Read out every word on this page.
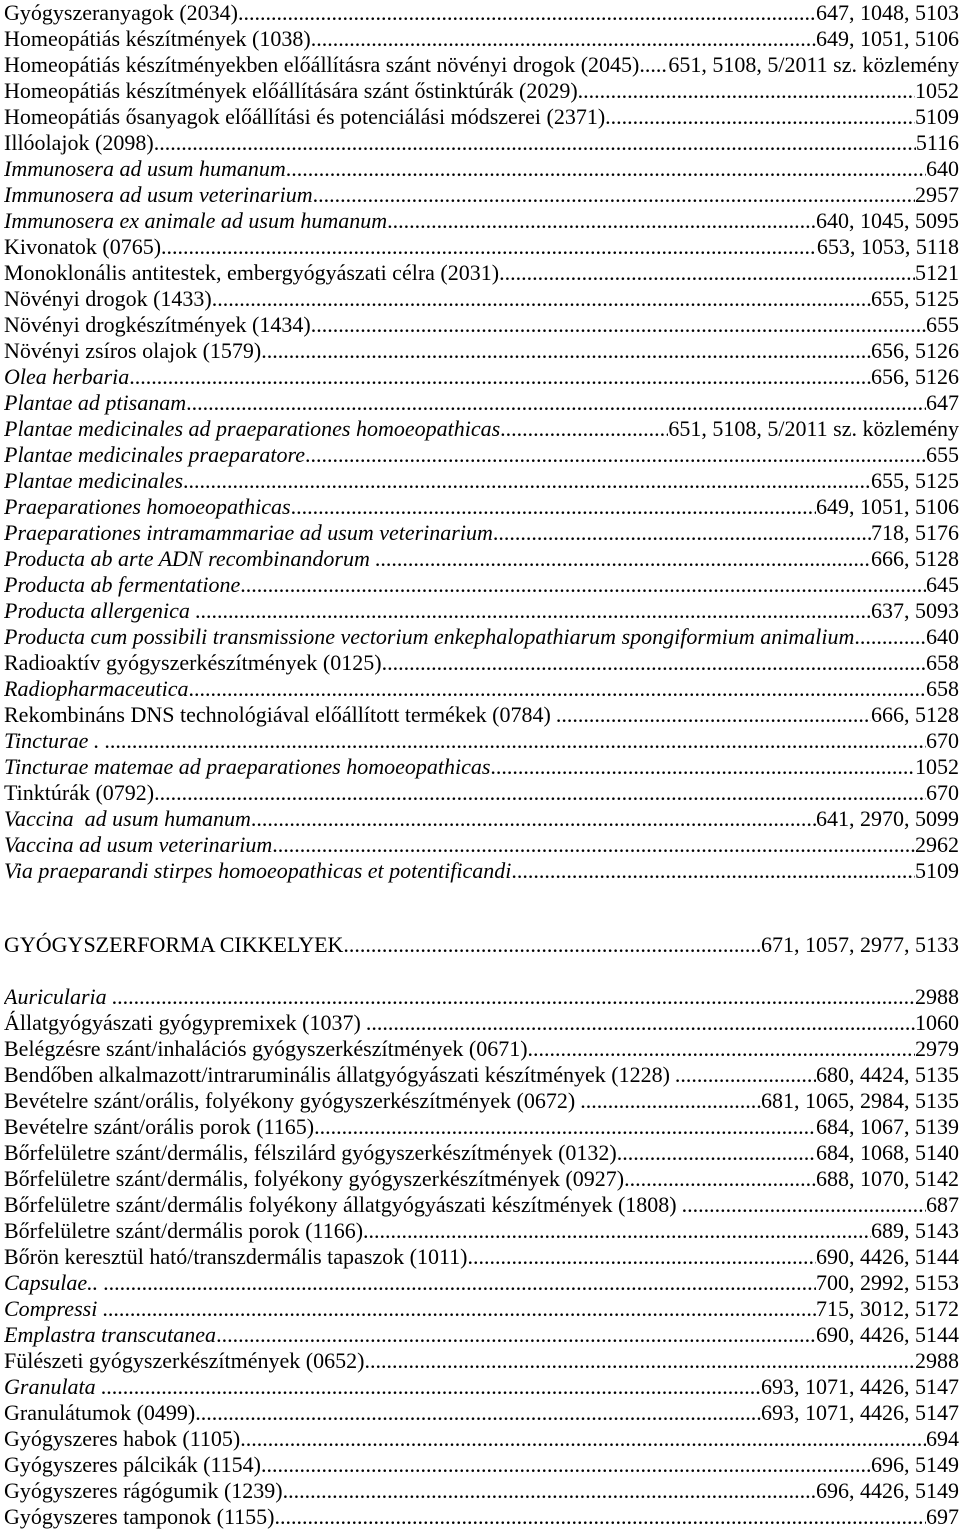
Gyógyszeranyagok (2034) .....	647, 1048, 5103
Homeopátiás készítmények (1038) .....	649, 1051, 5106
Homeopátiás készítményekben előállításra szánt növényi drogok (2045) ..... 651, 5108, 5/2011 sz. közlemény
Homeopátiás készítmények előállítására szánt őstinktúrák (2029) .....	1052
Homeopátiás ősanyagok előállítási és potenciálási módszerei (2371) .....	5109
Illóolajok (2098) .....	5116
Immunosera ad usum humanum .....	640
Immunosera ad usum veterinarium .....	2957
Immunosera ex animale ad usum humanum .....	640, 1045, 5095
Kivonatok (0765) .....	653, 1053, 5118
Monoklonális antitestek, embergyógyászati célra (2031) .....	5121
Növényi drogok (1433) .....	655, 5125
Növényi drogkészítmények (1434) .....	655
Növényi zsíros olajok (1579) .....	656, 5126
Olea herbaria .....	656, 5126
Plantae ad ptisanam .....	647
Plantae medicinales ad praeparationes homoeopathicas .....	651, 5108, 5/2011 sz. közlemény
Plantae medicinales praeparatore .....	655
Plantae medicinales .....	655, 5125
Praeparationes homoeopathicas .....	649, 1051, 5106
Praeparationes intramammariae ad usum veterinarium .....	718, 5176
Producta ab arte ADN recombinandorum .....	666, 5128
Producta ab fermentatione .....	645
Producta allergenica .....	637, 5093
Producta cum possibili transmissione vectorium enkephalopathiarum spongiformium animalium .....	640
Radioaktív gyógyszerkészítmények (0125) .....	658
Radiopharmaceutica .....	658
Rekombináns DNS technológiával előállított termékek (0784) .....	666, 5128
Tincturae . .....	670
Tincturae matemae ad praeparationes homoeopathicas .....	1052
Tinktúrák (0792) .....	670
Vaccina  ad usum humanum .....	641, 2970, 5099
Vaccina ad usum veterinarium .....	2962
Via praeparandi stirpes homoeopathicas et potentificandi .....	5109
GYÓGYSZERFORMA CIKKELYEK .....	671, 1057, 2977, 5133
Auricularia .....	2988
Állatgyógyászati gyógypremixek (1037) .....	1060
Belégzésre szánt/inhalációs gyógyszerkészítmények (0671) .....	2979
Bendőben alkalmazott/intraruminális állatgyógyászati készítmények (1228) .....	680, 4424, 5135
Bevételre szánt/orális, folyékony gyógyszerkészítmények (0672) .....	681, 1065, 2984, 5135
Bevételre szánt/orális porok (1165) .....	684, 1067, 5139
Bőrfelületre szánt/dermális, félszilárd gyógyszerkészítmények (0132) .....	684, 1068, 5140
Bőrfelületre szánt/dermális, folyékony gyógyszerkészítmények (0927) .....	688, 1070, 5142
Bőrfelületre szánt/dermális folyékony állatgyógyászati készítmények (1808) .....	687
Bőrfelületre szánt/dermális porok (1166) .....	689, 5143
Bőrön keresztül ható/transzdermális tapaszok (1011) .....	690, 4426, 5144
Capsulae.. .....	700, 2992, 5153
Compressi .....	715, 3012, 5172
Emplastra transcutanea .....	690, 4426, 5144
Fülészeti gyógyszerkészítmények (0652) .....	2988
Granulata .....	693, 1071, 4426, 5147
Granulátumok (0499) .....	693, 1071, 4426, 5147
Gyógyszeres habok (1105) .....	694
Gyógyszeres pálcikák (1154) .....	696, 5149
Gyógyszeres rágógumik (1239) .....	696, 4426, 5149
Gyógyszeres tamponok (1155) .....	697
